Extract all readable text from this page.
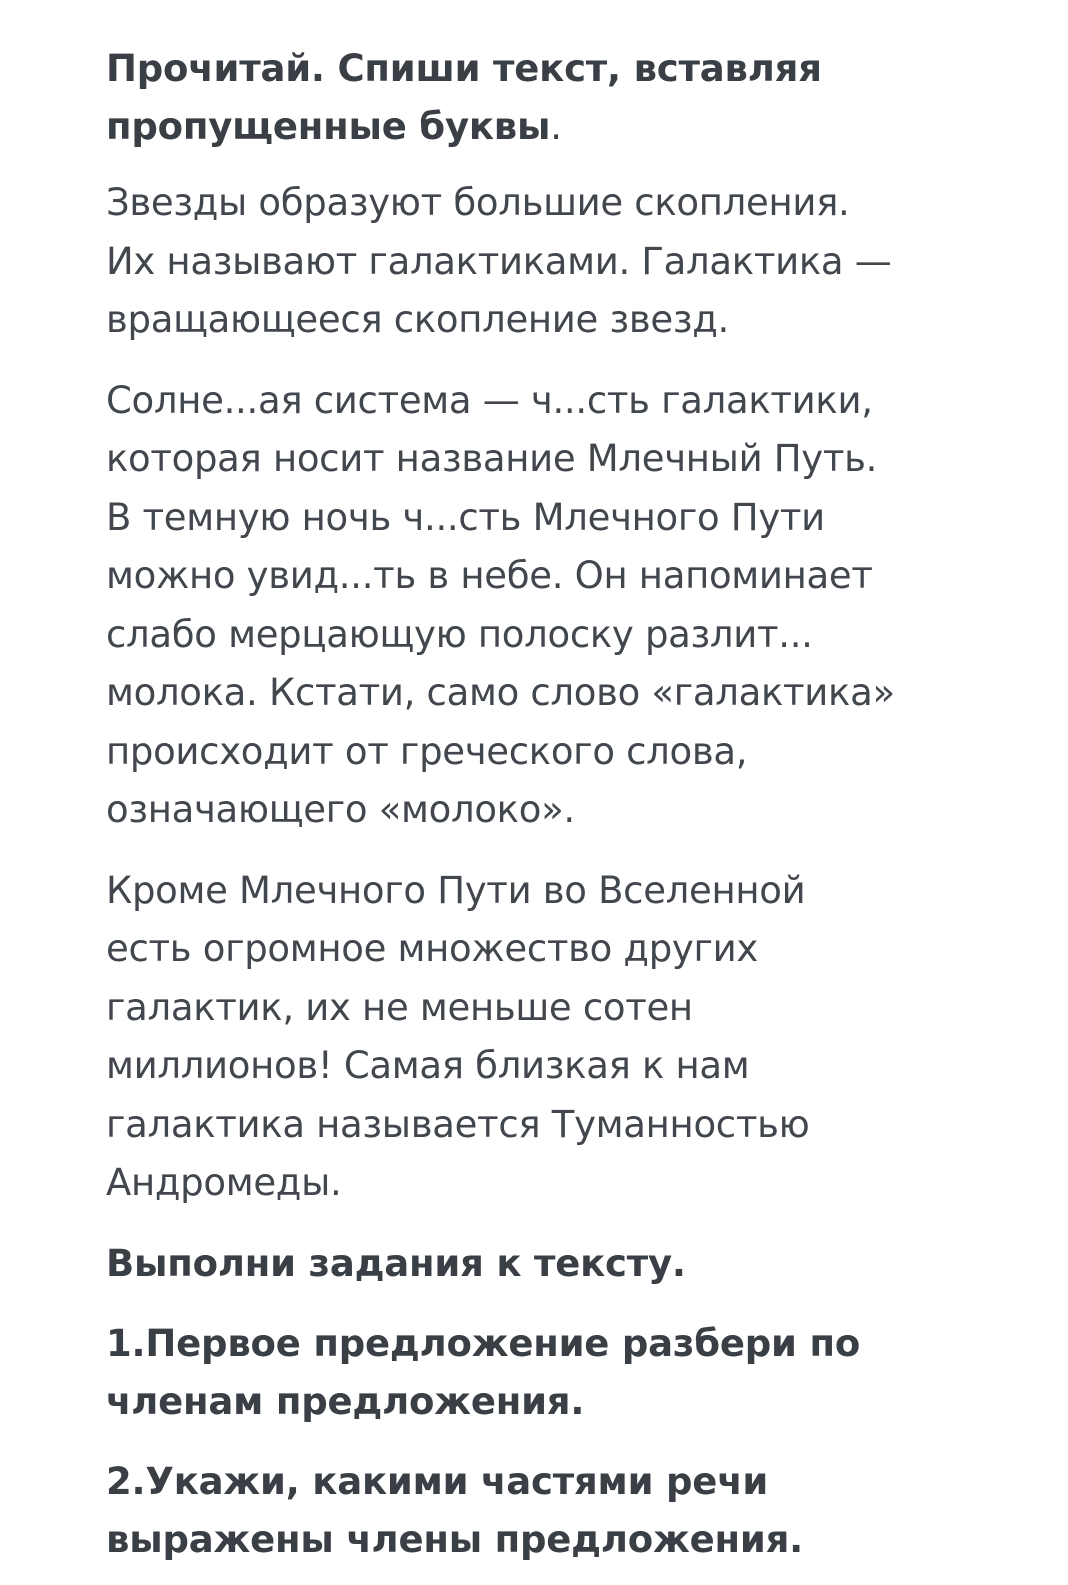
Прочитай. Спиши текст, вставляя
пропущенные буквы.

Звезды образуют большие скопления.
Их называют галактиками. Галактика —
вращающееся скопление звезд.

Солне...ая система — ч...сть галактики,
которая носит название Млечный Путь.
В темную ночь ч...сть Млечного Пути
можно увид...ть в небе. Он напоминает
слабо мерцающую полоску разлит...
молока. Кстати, само слово «галактика»
происходит от греческого слова,
означающего «молоко».

Кроме Млечного Пути во Вселенной
есть огромное множество других
галактик, их не меньше сотен
миллионов! Самая близкая к нам
галактика называется Туманностью
Андромеды.

Выполни задания к тексту.
1.Первое предложение разбери по
членам предложения.
2.Укажи, какими частями речи
выражены члены предложения.
